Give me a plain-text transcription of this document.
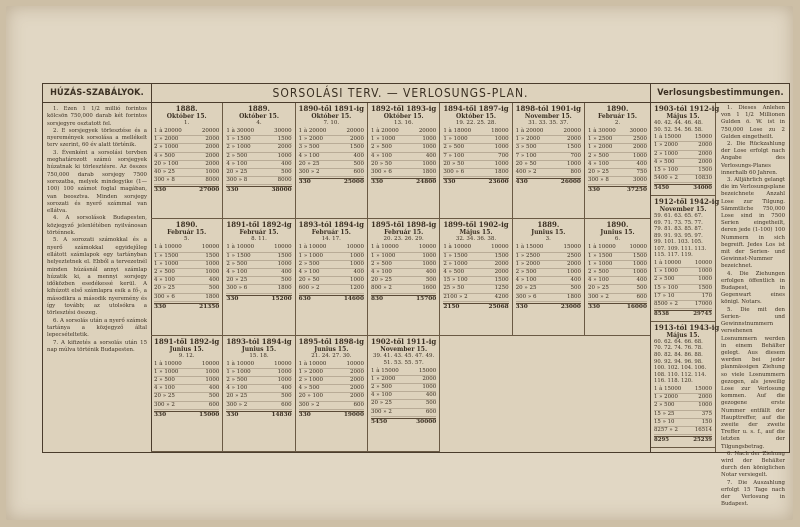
HÚZÁS-SZABÁLYOK.

1. Ezen 1 1/2 millió forintos kölcsön 750,000 darab két forintos sorsjegyre osztatott fel.

2. E sorsjegyek törlesztése és a nyeremények sorsolása a mellékelt terv szerint, 60 év alatt történik.

3. Évenként a sorsolási tervben meghatározott számú sorsjegyek húzatnak ki törlesztésre. Az összes 750,000 darab sorsjegy 7500 sorozatba, melyek mindegyike (1—100) 100 számot foglal magában, van beosztva. Minden sorsjegy sorozati és nyerő számmal van ellátva.

4. A sorsolások Budapesten, közjegyző jelenlétében nyilvánosan történnek.

5. A sorozati számokkal és a nyerő számokkal egyidejűleg ellátott számlapok egy tartányban helyeztetnek el. Ebből a tervezetnél minden húzásnál annyi számlap húzatik ki, a mennyi sorsjegy időközben esedékessé kerül. A kihúzott első számlapra esik a fő-, a másodikra a második nyeremény és így tovább; az utolsókra a törlesztési összeg.

6. A sorsolás után a nyerő számok tartánya a közjegyző által lepecsételtetik.

7. A kifizetés a sorsolás után 15 nap múlva történik Budapesten.

SORSOLÁSI TERV. — VERLOSUNGS-PLAN.
1888.
Október 15.
1.
1 à 20000	20000
1 » 2000	2000
2 » 1000	2000
4 » 500	2000
20 » 100	2000
40 » 25	1000
300 » 8	8000
330	27000
1889.
Október 15.
4.
1 à 30000	30000
1 » 1500	1500
2 » 1000	2000
2 » 500	1000
4 » 100	400
20 » 25	500
300 » 8	8000
330	38000
1890-től 1891-ig
Október 15.
7. 10.
1 à 20000	20000
1 » 2000	2000
3 » 500	1500
4 » 100	400
20 » 25	500
300 » 2	600
330	25000
1892-től 1893-ig
Október 15.
13. 16.
1 à 20000	20000
1 » 1000	1000
2 » 500	1000
4 » 100	400
20 » 50	1000
300 » 6	1800
330	24800
1894-től 1897-ig
Október 15.
19. 22. 25. 28.
1 à 18000	18000
1 » 1000	1000
2 » 500	1000
7 » 100	700
20 » 50	1000
300 » 6	1800
330	23600
1898-tól 1901-ig
November 15.
31. 33. 35. 37.
1 à 20000	20000
1 » 2000	2000
3 » 500	1500
7 » 100	700
20 » 50	1000
400 » 2	800
430	26000
1890.
Február 15.
2.
1 à 30000	30000
1 » 2500	2500
1 » 2000	2000
2 » 500	1000
4 » 100	400
20 » 25	750
300 » 8	3000
330	37250
1890.
Február 15.
5.
1 à 10000	10000
1 » 1500	1500
1 » 1000	1000
2 » 500	1000
4 » 100	400
20 » 25	500
300 » 6	1800
330	21350
1891-től 1892-ig
Február 15.
8. 11.
1 à 10000	10000
1 » 1500	1500
2 » 500	1000
4 » 100	400
20 » 25	500
300 » 6	1800
330	15200
1893-tól 1894-ig
Február 15.
14. 17.
1 à 10000	10000
1 » 1000	1000
2 » 500	1000
4 » 100	400
20 » 50	1000
600 » 2	1200
630	14600
1895-től 1898-ig
Február 15.
20. 23. 26. 29.
1 à 10000	10000
1 » 1000	1000
2 » 500	1000
4 » 100	400
20 » 25	500
800 » 2	1600
830	15700
1899-től 1902-ig
Május 15.
32. 34. 36. 38.
1 à 10000	10000
1 » 1500	1500
2 » 1000	2000
4 » 500	2000
15 » 100	1500
25 » 50	1250
2100 » 2	4200
2150	25068
1889.
Junius 15.
3.
1 à 15000	15000
1 » 2500	2500
1 » 2000	2000
2 » 500	1000
4 » 100	400
20 » 25	500
300 » 6	1800
330	23000
1890.
Junius 15.
6.
1 à 10000	10000
1 » 1500	1500
1 » 1000	1000
2 » 500	1000
4 » 100	400
20 » 25	500
300 » 2	600
330	16000
1891-től 1892-ig
Junius 15.
9. 12.
1 à 10000	10000
1 » 1000	1000
2 » 500	1000
4 » 100	400
20 » 25	500
300 » 2	600
330	15000
1893-tól 1894-ig
Junius 15.
15. 18.
1 à 10000	10000
1 » 1000	1000
2 » 500	1000
4 » 100	400
20 » 25	500
300 » 2	600
330	14830
1895-től 1898-ig
Junius 15.
21. 24. 27. 30.
1 à 10000	10000
1 » 2000	2000
2 » 1000	2000
4 » 500	2000
20 » 100	2000
300 » 2	600
330	19000
1902-től 1911-ig
November 15.
39. 41. 43. 45. 47. 49. 51. 53. 55. 57.
1 à 15000	15000
1 » 2000	2000
2 » 500	1000
4 » 100	400
20 » 25	500
300 » 2	600
5450	30000
Verlosungsbestimmungen.
1903-tól 1912-ig
Május 15.
40. 42. 44. 46. 48. 50. 52. 54. 56. 58.
1 à 15000	15000
1 » 2000	2000
2 » 1000	2000
4 » 500	2000
15 » 100	1500
5400 » 2	10830
5450	34000
1912-től 1942-ig
November 15.
59. 61. 63. 65. 67. 69. 71. 73. 75. 77. 79. 81. 83. 85. 87. 89. 91. 93. 95. 97. 99. 101. 103. 105. 107. 109. 111. 113. 115. 117. 119.
1 à 10000	10000
1 » 1000	1000
2 » 500	1000
15 » 100	1500
17 » 10	170
8500 » 2	17000
8538	29745
1913-tól 1943-ig
Május 15.
60. 62. 64. 66. 68. 70. 72. 74. 76. 78. 80. 82. 84. 86. 88. 90. 92. 94. 96. 98. 100. 102. 104. 106. 108. 110. 112. 114. 116. 118. 120.
1 à 15000	15000
1 » 2000	2000
2 » 500	1000
15 » 25	375
15 » 10	150
8257 » 2	16514
8295	25239

1. Dieses Anlehen von 1 1/2 Millionen Gulden ö. W. ist in 750,000 Lose zu 2 Gulden eingetheilt.

2. Die Rückzahlung der Lose erfolgt nach Angabe des Verlosungs-Planes innerhalb 60 Jahren.

3. Alljährlich gelangt die im Verlosungsplane bezeichnete Anzahl Lose zur Tilgung. Sämmtliche 750,000 Lose sind in 7500 Serien eingetheilt, deren jede (1-100) 100 Nummern in sich begreift. Jedes Los ist mit der Serien- und Gewinnst-Nummer bezeichnet.

4. Die Ziehungen erfolgen öffentlich in Budapest, in Gegenwart eines königl. Notars.

5. Die mit den Serien- und Gewinnstnummern versehenen Losnummern werden in einem Behälter gelegt. Aus diesem werden bei jeder planmässigen Ziehung so viele Losnummern gezogen, als jeweilig Lose zur Verlosung kommen. Auf die gezogene erste Nummer entfällt der Haupttreffer, auf die zweite der zweite Treffer u. s. f., auf die letzten der Tilgungsbetrag.

6. Nach der Ziehung wird der Behälter durch den königlichen Notar versiegelt.

7. Die Auszahlung erfolgt 15 Tage nach der Verlosung in Budapest.
